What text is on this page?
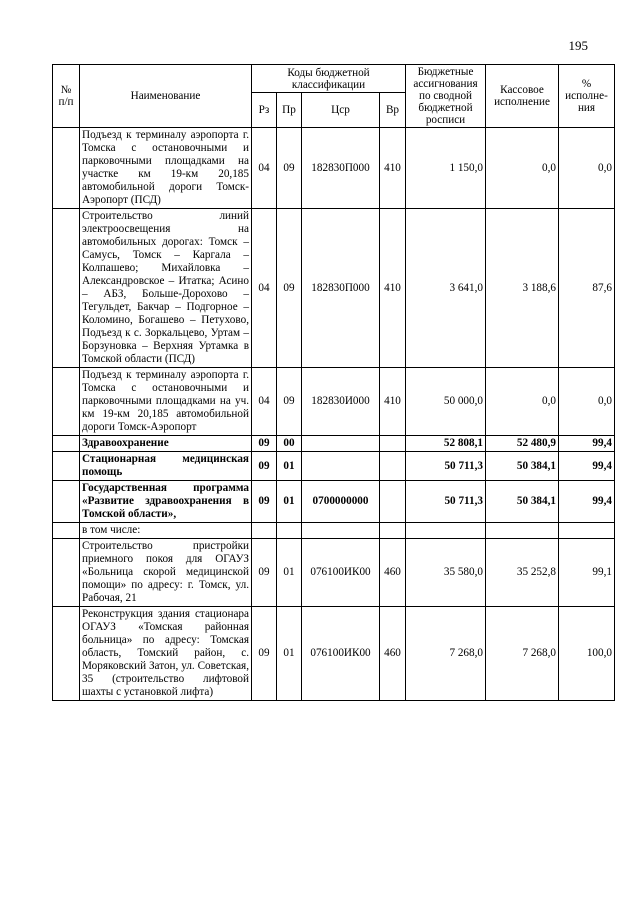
195
№ п/п	Наименование	Коды бюджетной классификации				Бюджетные ассигнования по сводной бюджетной росписи	Кассовое исполнение	% исполне-ния
		Рз	Пр	Цср	Вр			
	Подъезд к терминалу аэропорта г. Томска с остановочными и парковочными площадками на участке км 19-км 20,185 автомобильной дороги Томск-Аэропорт (ПСД)	04	09	182830П000	410	1 150,0	0,0	0,0
	Строительство линий электроосвещения на автомобильных дорогах: Томск – Самусь, Томск – Каргала – Колпашево; Михайловка – Александровское – Итатка; Асино – АБЗ, Больше-Дорохово – Тегульдет, Бакчар – Подгорное – Коломино, Богашево – Петухово, Подъезд к с. Зоркальцево, Уртам – Борзуновка – Верхняя Уртамка в Томской области (ПСД)	04	09	182830П000	410	3 641,0	3 188,6	87,6
	Подъезд к терминалу аэропорта г. Томска с остановочными и парковочными площадками на уч. км 19-км 20,185 автомобильной дороги Томск-Аэропорт	04	09	182830И000	410	50 000,0	0,0	0,0
	Здравоохранение	09	00			52 808,1	52 480,9	99,4
	Стационарная медицинская помощь	09	01			50 711,3	50 384,1	99,4
	Государственная программа «Развитие здравоохранения в Томской области»,	09	01	0700000000		50 711,3	50 384,1	99,4
	в том числе:							
	Строительство пристройки приемного покоя для ОГАУЗ «Больница скорой медицинской помощи» по адресу: г. Томск, ул. Рабочая, 21	09	01	076100ИК00	460	35 580,0	35 252,8	99,1
	Реконструкция здания стационара ОГАУЗ «Томская районная больница» по адресу: Томская область, Томский район, с. Моряковский Затон, ул. Советская, 35 (строительство лифтовой шахты с установкой лифта)	09	01	076100ИК00	460	7 268,0	7 268,0	100,0
